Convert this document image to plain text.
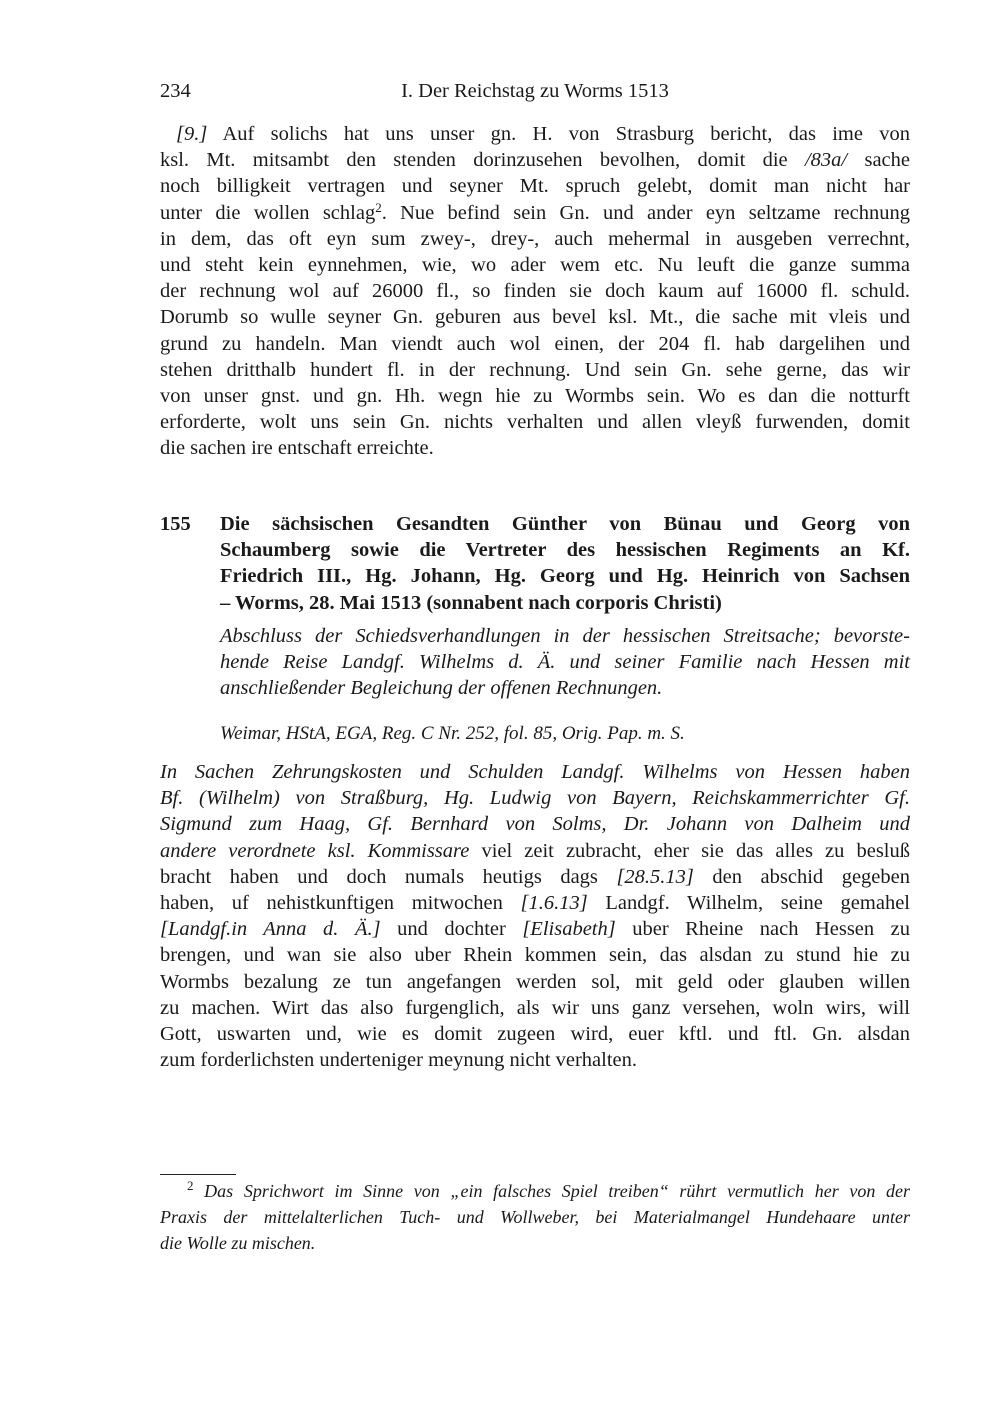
234	I. Der Reichstag zu Worms 1513
[9.] Auf solichs hat uns unser gn. H. von Strasburg bericht, das ime von
ksl. Mt. mitsambt den stenden dorinzusehen bevolhen, domit die /83a/ sache
noch billigkeit vertragen und seyner Mt. spruch gelebt, domit man nicht har
unter die wollen schlag$^2$. Nue befind sein Gn. und ander eyn seltzame rechnung
in dem, das oft eyn sum zwey-, drey-, auch mehermal in ausgeben verrechnt,
und steht kein eynnehmen, wie, wo ader wem etc. Nu leuft die ganze summa
der rechnung wol auf 26000 fl., so finden sie doch kaum auf 16000 fl. schuld.
Dorumb so wulle seyner Gn. geburen aus bevel ksl. Mt., die sache mit vleis und
grund zu handeln. Man viendt auch wol einen, der 204 fl. hab dargelihen und
stehen dritthalb hundert fl. in der rechnung. Und sein Gn. sehe gerne, das wir
von unser gnst. und gn. Hh. wegn hie zu Wormbs sein. Wo es dan die notturft
erforderte, wolt uns sein Gn. nichts verhalten und allen vleyß furwenden, domit
die sachen ire entschaft erreichte.
155 Die sächsischen Gesandten Günther von Bünau und Georg von
Schaumberg sowie die Vertreter des hessischen Regiments an Kf.
Friedrich III., Hg. Johann, Hg. Georg und Hg. Heinrich von Sachsen
– Worms, 28. Mai 1513 (sonnabent nach corporis Christi)
Abschluss der Schiedsverhandlungen in der hessischen Streitsache; bevorste-
hende Reise Landgf. Wilhelms d. Ä. und seiner Familie nach Hessen mit
anschließender Begleichung der offenen Rechnungen.
Weimar, HStA, EGA, Reg. C Nr. 252, fol. 85, Orig. Pap. m. S.
In Sachen Zehrungskosten und Schulden Landgf. Wilhelms von Hessen haben
Bf. (Wilhelm) von Straßburg, Hg. Ludwig von Bayern, Reichskammerrichter Gf.
Sigmund zum Haag, Gf. Bernhard von Solms, Dr. Johann von Dalheim und
andere verordnete ksl. Kommissare viel zeit zubracht, eher sie das alles zu besluß
bracht haben und doch numals heutigs dags [28.5.13] den abschid gegeben
haben, uf nehistkunftigen mitwochen [1.6.13] Landgf. Wilhelm, seine gemahel
[Landgf.in Anna d. Ä.] und dochter [Elisabeth] uber Rheine nach Hessen zu
brengen, und wan sie also uber Rhein kommen sein, das alsdan zu stund hie zu
Wormbs bezalung ze tun angefangen werden sol, mit geld oder glauben willen
zu machen. Wirt das also furgenglich, als wir uns ganz versehen, woln wirs, will
Gott, uswarten und, wie es domit zugeen wird, euer kftl. und ftl. Gn. alsdan
zum forderlichsten underteniger meynung nicht verhalten.
$^2$ Das Sprichwort im Sinne von „ein falsches Spiel treiben“ rührt vermutlich her von der
Praxis der mittelalterlichen Tuch- und Wollweber, bei Materialmangel Hundehaare unter
die Wolle zu mischen.
